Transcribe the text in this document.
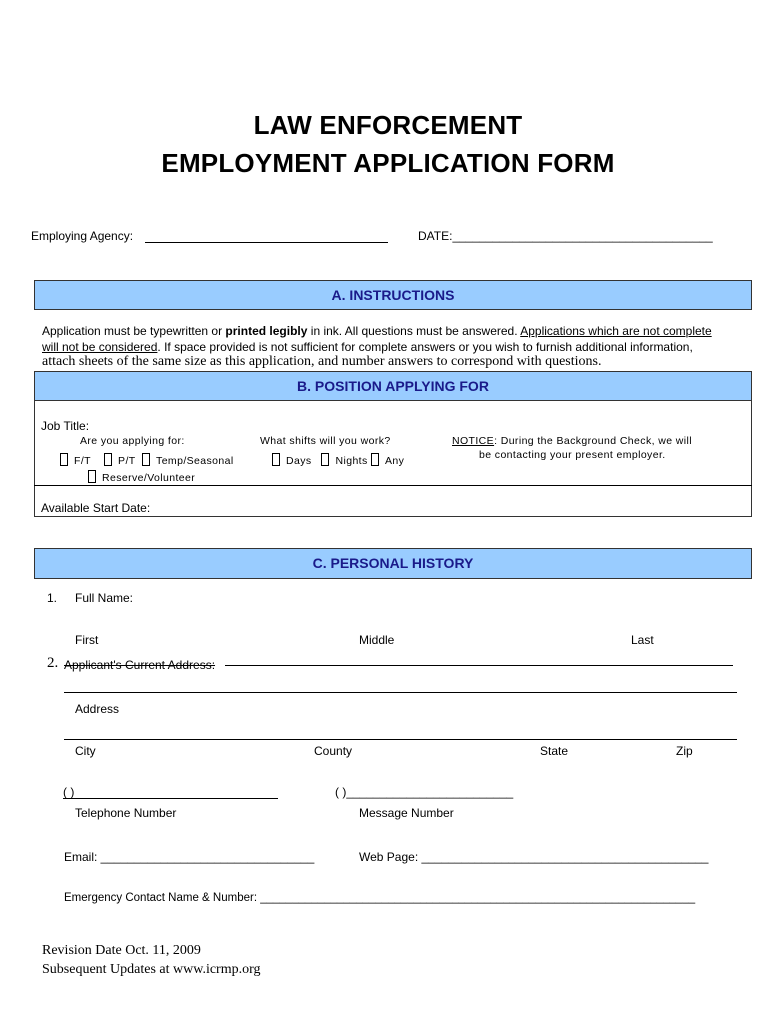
LAW ENFORCEMENT
EMPLOYMENT APPLICATION FORM
Employing Agency:	DATE:_______________________________________
A. INSTRUCTIONS
Application must be typewritten or printed legibly in ink. All questions must be answered. Applications which are not complete
will not be considered. If space provided is not sufficient for complete answers or you wish to furnish additional information,
attach sheets of the same size as this application, and number answers to correspond with questions.
B. POSITION APPLYING FOR
Job Title:
Are you applying for:
F/T	P/T Temp/Seasonal
Reserve/Volunteer
What shifts will you work?
Days Nights Any
NOTICE: During the Background Check, we will
be contacting your present employer.
Available Start Date:
C. PERSONAL HISTORY
1. Full Name:
First	Middle	Last
2. Applicant's Current Address:
Address
City	County	State	Zip
( )
Telephone Number
( )_________________________
Message Number
Email: ________________________________	Web Page: ___________________________________________
Emergency Contact Name & Number: ____________________________________________________________________
Revision Date Oct. 11, 2009
Subsequent Updates at www.icrmp.org
